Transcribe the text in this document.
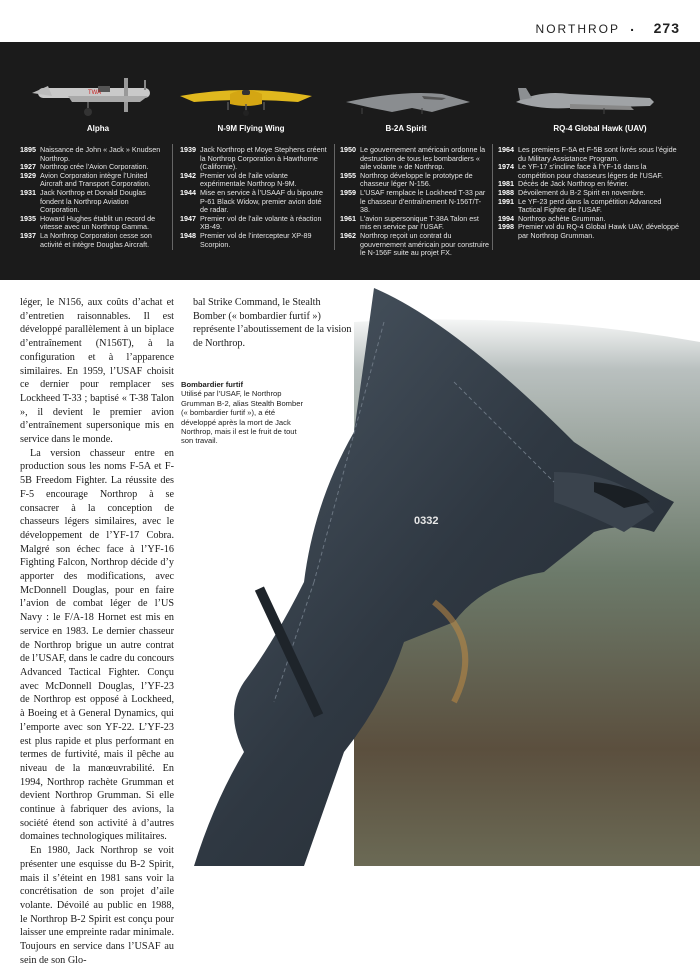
NORTHROP . 273
TWA
Alpha	N-9M Flying Wing	B-2A Spirit	RQ-4 Global Hawk (UAV)
1895 Naissance de John « Jack » Knudsen Northrop.
1927 Northrop crée l’Avion Corporation.
1929 Avion Corporation intègre l’United Aircraft and Transport Corporation.
1931 Jack Northrop et Donald Douglas fondent la Northrop Aviation Corporation.
1935 Howard Hughes établit un record de vitesse avec un Northrop Gamma.
1937 La Northrop Corporation cesse son activité et intègre Douglas Aircraft.
1939 Jack Northrop et Moye Stephens créent la Northrop Corporation à Hawthorne (Californie).
1942 Premier vol de l’aile volante expérimentale Northrop N-9M.
1944 Mise en service à l’USAAF du bipoutre P-61 Black Widow, premier avion doté de radar.
1947 Premier vol de l’aile volante à réaction XB-49.
1948 Premier vol de l’intercepteur XP-89 Scorpion.
1950 Le gouvernement américain ordonne la destruction de tous les bombardiers « aile volante » de Northrop.
1955 Northrop développe le prototype de chasseur léger N-156.
1959 L’USAF remplace le Lockheed T-33 par le chasseur d’entraînement N-156T/T-38.
1961 L’avion supersonique T-38A Talon est mis en service par l’USAF.
1962 Northrop reçoit un contrat du gouvernement américain pour construire le N-156F suite au projet FX.
1964 Les premiers F-5A et F-5B sont livrés sous l’égide du Military Assistance Program.
1974 Le YF-17 s’incline face à l’YF-16 dans la compétition pour chasseurs légers de l’USAF.
1981 Décès de Jack Northrop en février.
1988 Dévoilement du B-2 Spirit en novembre.
1991 Le YF-23 perd dans la compétition Advanced Tactical Fighter de l’USAF.
1994 Northrop achète Grumman.
1998 Premier vol du RQ-4 Global Hawk UAV, développé par Northrop Grumman.
0332
Bombardier furtif
Utilisé par l’USAF, le Northrop Grumman B-2, alias Stealth Bomber (« bombardier furtif »), a été développé après la mort de Jack Northrop, mais il est le fruit de tout son travail.

léger, le N156, aux coûts d’achat et d’entretien raisonnables. Il est développé parallèlement à un biplace d’entraînement (N156T), à la configuration et à l’apparence similaires. En 1959, l’USAF choisit ce dernier pour remplacer ses Lockheed T-33 ; baptisé « T-38 Talon », il devient le premier avion d’entraînement supersonique mis en service dans le monde.

La version chasseur entre en production sous les noms F-5A et F-5B Freedom Fighter. La réussite des F-5 encourage Northrop à se consacrer à la conception de chasseurs légers similaires, avec le développement de l’YF-17 Cobra. Malgré son échec face à l’YF-16 Fighting Falcon, Northrop décide d’y apporter des modifications, avec McDonnell Douglas, pour en faire l’avion de combat léger de l’US Navy : le F/A-18 Hornet est mis en service en 1983. Le dernier chasseur de Northrop brigue un autre contrat de l’USAF, dans le cadre du concours Advanced Tactical Fighter. Conçu avec McDonnell Douglas, l’YF-23 de Northrop est opposé à Lockheed, à Boeing et à General Dynamics, qui l’emporte avec son YF-22. L’YF-23 est plus rapide et plus performant en termes de furtivité, mais il pêche au niveau de la manœuvrabilité. En 1994, Northrop rachète Grumman et devient Northrop Grumman. Si elle continue à fabriquer des avions, la société étend son activité à d’autres domaines technologiques militaires.

En 1980, Jack Northrop se voit présenter une esquisse du B-2 Spirit, mais il s’éteint en 1981 sans voir la concrétisation de son projet d’aile volante. Dévoilé au public en 1988, le Northrop B-2 Spirit est conçu pour laisser une empreinte radar minimale. Toujours en service dans l’USAF au sein de son Glo-

bal Strike Command, le Stealth Bomber (« bombardier furtif ») représente l’aboutissement de la vision de Northrop.
